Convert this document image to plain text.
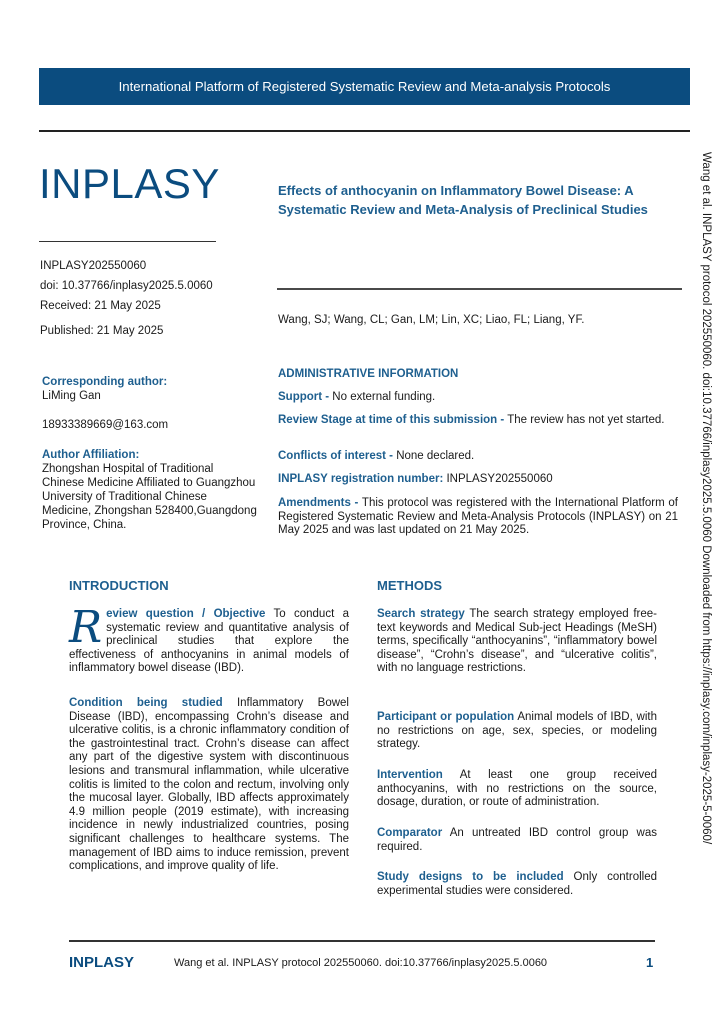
International Platform of Registered Systematic Review and Meta-analysis Protocols
INPLASY
INPLASY202550060
doi: 10.37766/inplasy2025.5.0060
Received: 21 May 2025
Published: 21 May 2025
Effects of anthocyanin on Inflammatory Bowel Disease: A Systematic Review and Meta-Analysis of Preclinical Studies
Wang, SJ; Wang, CL; Gan, LM; Lin, XC; Liao, FL; Liang, YF.
Corresponding author:
LiMing Gan
18933389669@163.com
Author Affiliation:
Zhongshan Hospital of Traditional Chinese Medicine Affiliated to Guangzhou University of Traditional Chinese Medicine, Zhongshan 528400,Guangdong Province, China.
ADMINISTRATIVE INFORMATION
Support - No external funding.
Review Stage at time of this submission - The review has not yet started.
Conflicts of interest - None declared.
INPLASY registration number: INPLASY202550060
Amendments - This protocol was registered with the International Platform of Registered Systematic Review and Meta-Analysis Protocols (INPLASY) on 21 May 2025 and was last updated on 21 May 2025.
INTRODUCTION
Review question / Objective To conduct a systematic review and quantitative analysis of preclinical studies that explore the effectiveness of anthocyanins in animal models of inflammatory bowel disease (IBD).
Condition being studied Inflammatory Bowel Disease (IBD), encompassing Crohn’s disease and ulcerative colitis, is a chronic inflammatory condition of the gastrointestinal tract. Crohn’s disease can affect any part of the digestive system with discontinuous lesions and transmural inflammation, while ulcerative colitis is limited to the colon and rectum, involving only the mucosal layer. Globally, IBD affects approximately 4.9 million people (2019 estimate), with increasing incidence in newly industrialized countries, posing significant challenges to healthcare systems. The management of IBD aims to induce remission, prevent complications, and improve quality of life.
METHODS
Search strategy The search strategy employed free-text keywords and Medical Sub-ject Headings (MeSH) terms, specifically “anthocyanins”, “inflammatory bowel disease”, “Crohn’s disease”, and “ulcerative colitis”, with no language restrictions.
Participant or population Animal models of IBD, with no restrictions on age, sex, species, or modeling strategy.
Intervention At least one group received anthocyanins, with no restrictions on the source, dosage, duration, or route of administration.
Comparator An untreated IBD control group was required.
Study designs to be included Only controlled experimental studies were considered.
INPLASY	Wang et al. INPLASY protocol 202550060. doi:10.37766/inplasy2025.5.0060	1
Wang et al. INPLASY protocol 202550060. doi:10.37766/inplasy2025.5.0060 Downloaded from https://inplasy.com/inplasy-2025-5-0060/
